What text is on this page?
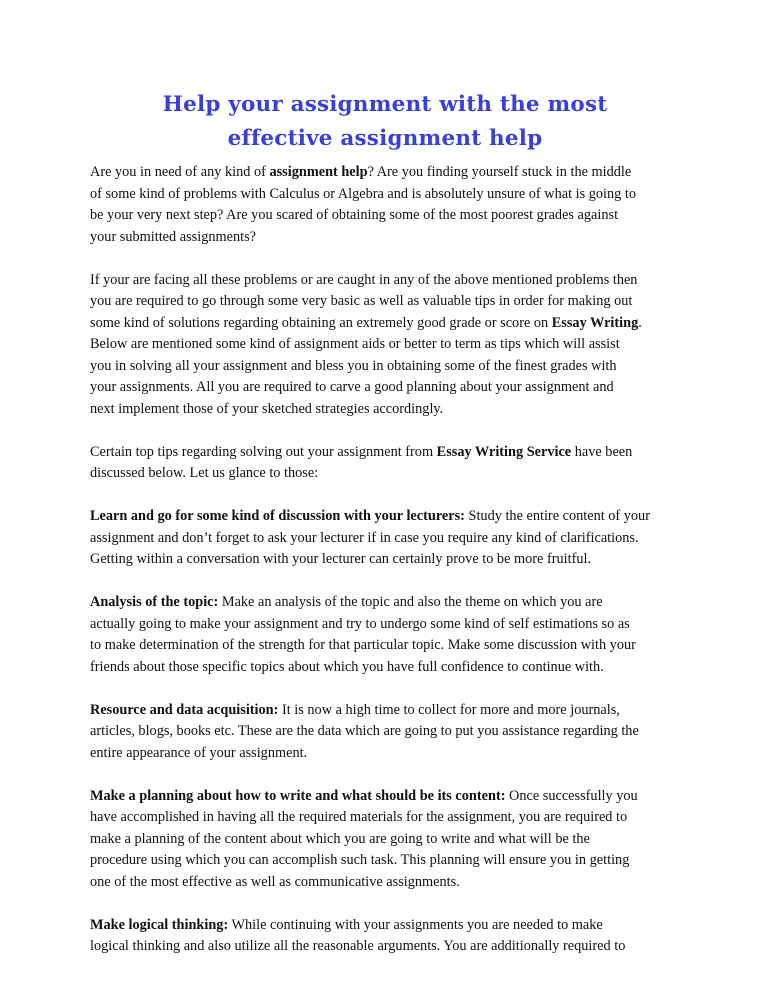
Help your assignment with the most
effective assignment help

Are you in need of any kind of assignment help? Are you finding yourself stuck in the middle
of some kind of problems with Calculus or Algebra and is absolutely unsure of what is going to
be your very next step? Are you scared of obtaining some of the most poorest grades against
your submitted assignments?

If your are facing all these problems or are caught in any of the above mentioned problems then
you are required to go through some very basic as well as valuable tips in order for making out
some kind of solutions regarding obtaining an extremely good grade or score on Essay Writing.
Below are mentioned some kind of assignment aids or better to term as tips which will assist
you in solving all your assignment and bless you in obtaining some of the finest grades with
your assignments. All you are required to carve a good planning about your assignment and
next implement those of your sketched strategies accordingly.

Certain top tips regarding solving out your assignment from Essay Writing Service have been
discussed below. Let us glance to those:

Learn and go for some kind of discussion with your lecturers: Study the entire content of your
assignment and don’t forget to ask your lecturer if in case you require any kind of clarifications.
Getting within a conversation with your lecturer can certainly prove to be more fruitful.

Analysis of the topic: Make an analysis of the topic and also the theme on which you are
actually going to make your assignment and try to undergo some kind of self estimations so as
to make determination of the strength for that particular topic. Make some discussion with your
friends about those specific topics about which you have full confidence to continue with.

Resource and data acquisition: It is now a high time to collect for more and more journals,
articles, blogs, books etc. These are the data which are going to put you assistance regarding the
entire appearance of your assignment.

Make a planning about how to write and what should be its content: Once successfully you
have accomplished in having all the required materials for the assignment, you are required to
make a planning of the content about which you are going to write and what will be the
procedure using which you can accomplish such task. This planning will ensure you in getting
one of the most effective as well as communicative assignments.

Make logical thinking: While continuing with your assignments you are needed to make
logical thinking and also utilize all the reasonable arguments. You are additionally required to
